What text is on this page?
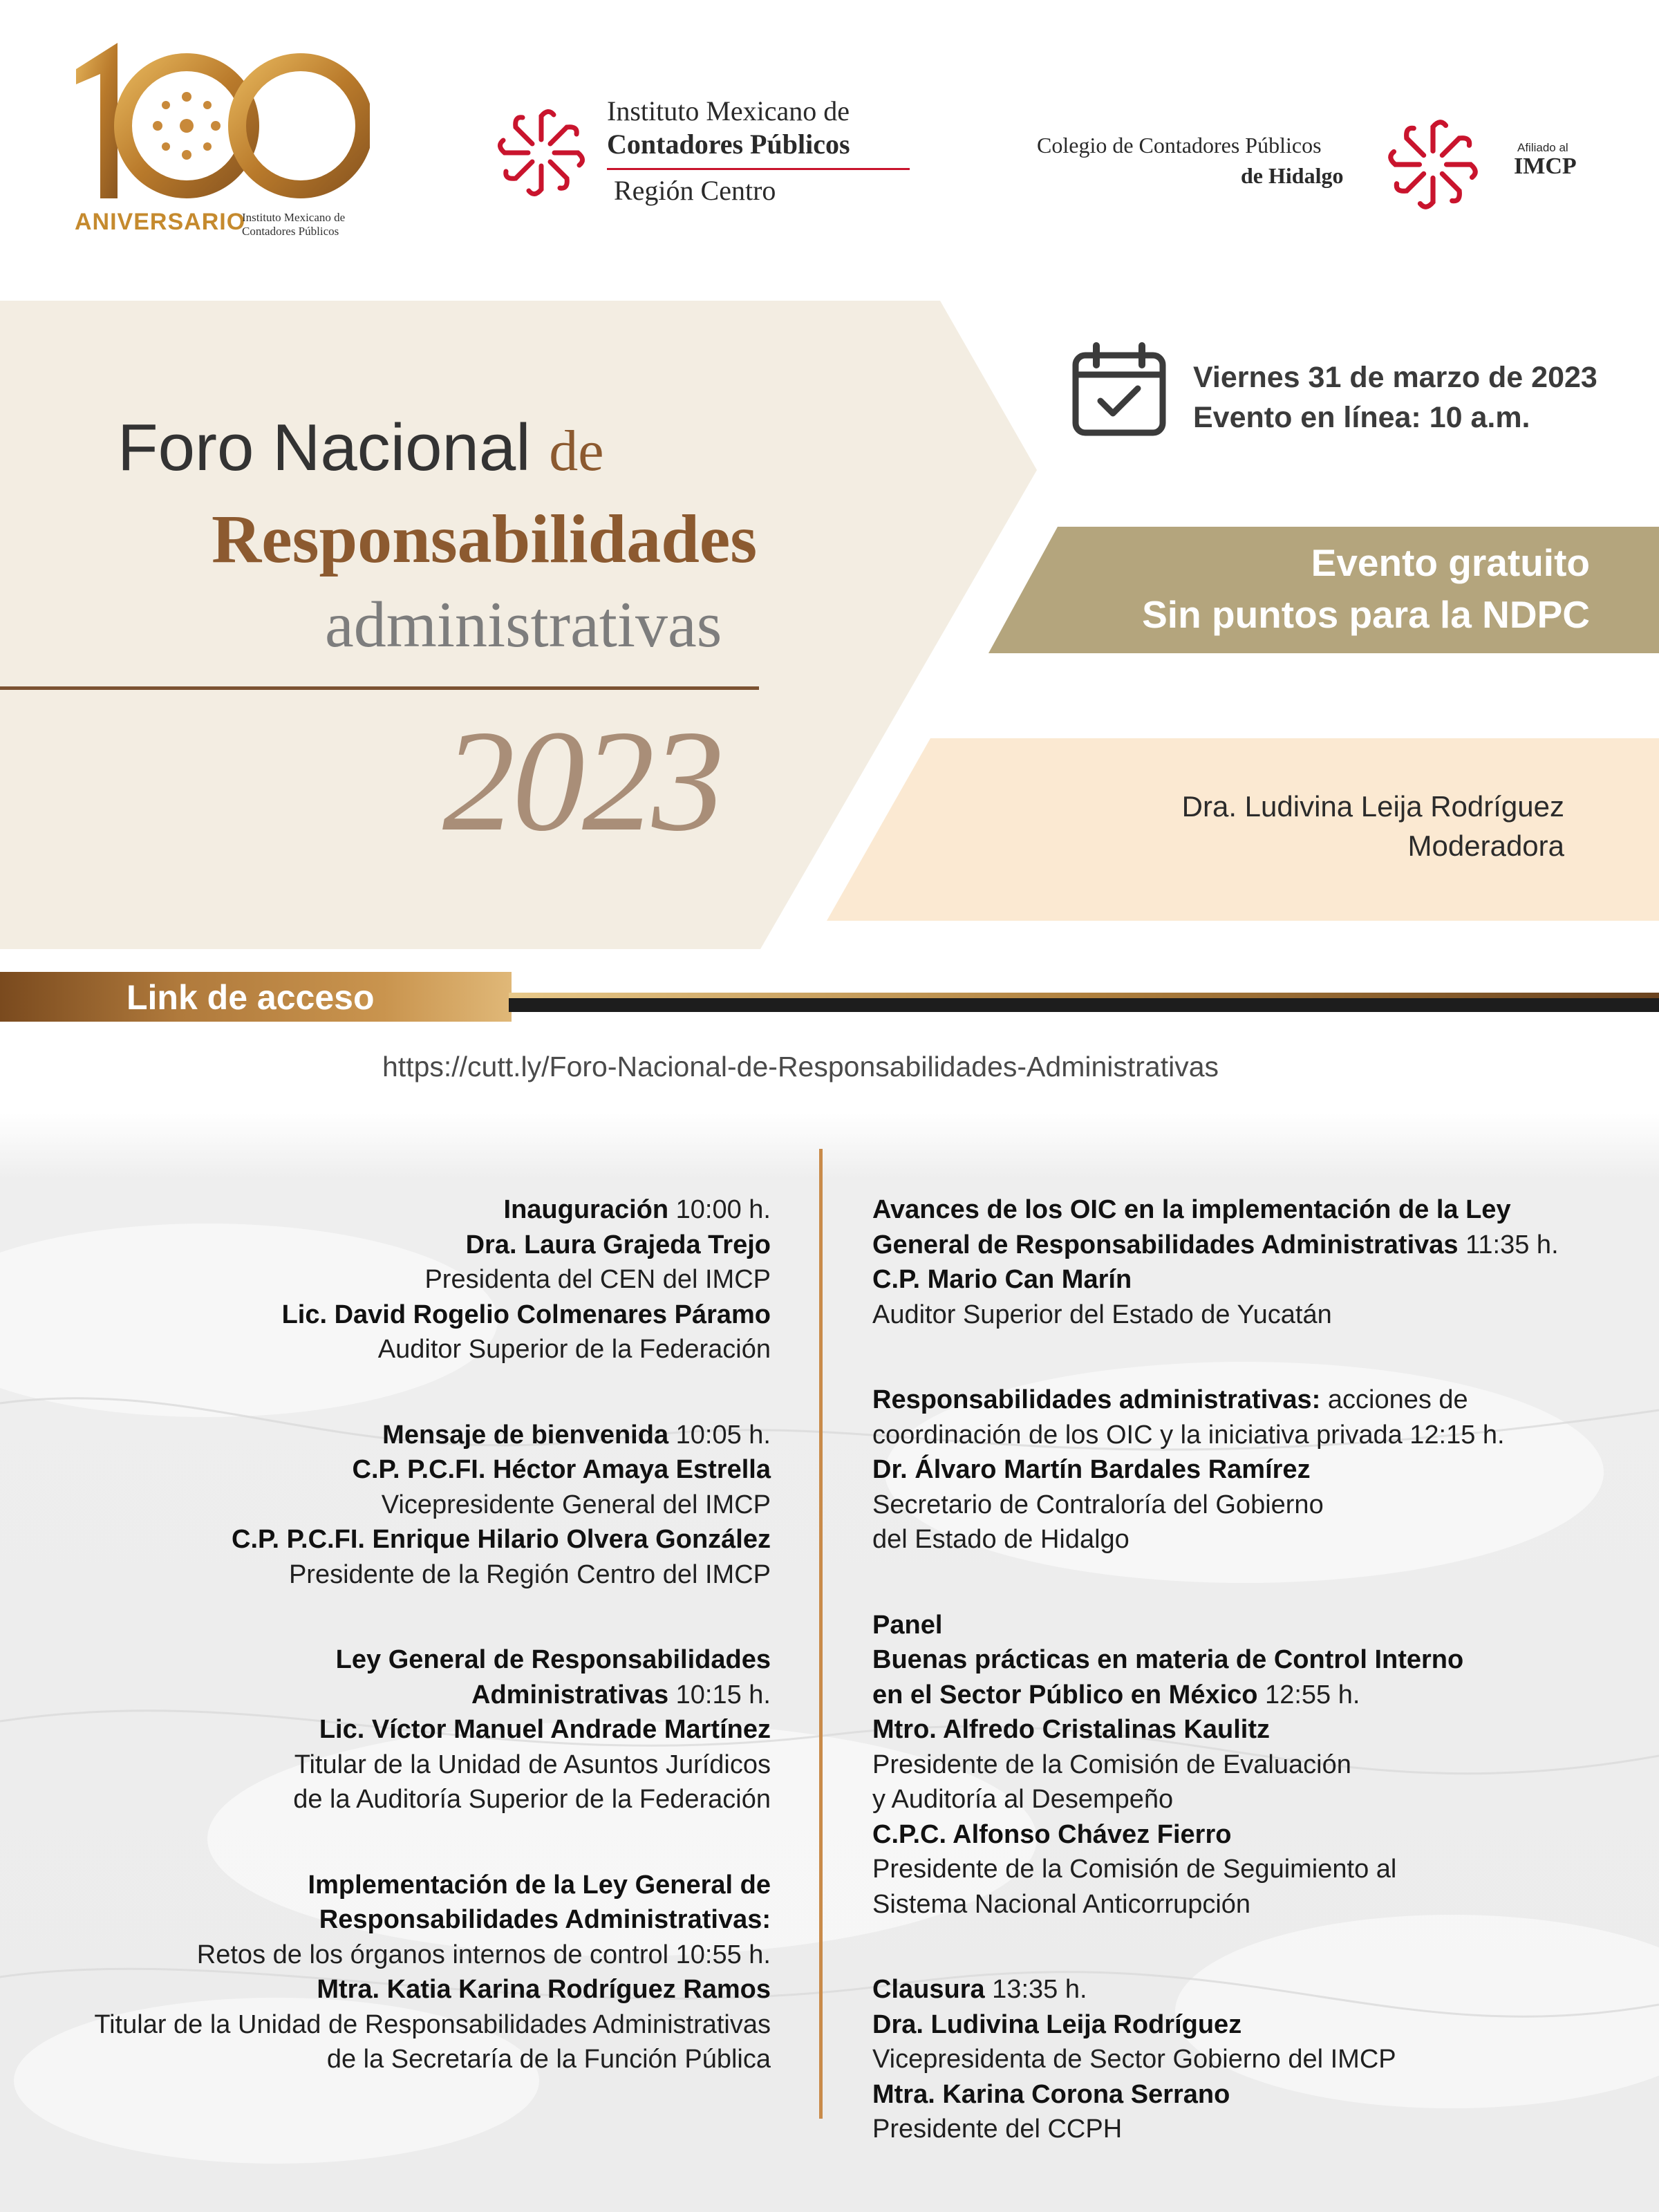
ANIVERSARIO
Instituto Mexicano de
Contadores Públicos
Instituto Mexicano de
Contadores Públicos
Región Centro
Colegio de Contadores Públicos
de Hidalgo
Afiliado al
IMCP
Foro Nacional de
Responsabilidades
administrativas
2023
Viernes 31 de marzo de 2023
Evento en línea: 10 a.m.
Evento gratuito
Sin puntos para la NDPC
Dra. Ludivina Leija Rodríguez
Moderadora
Link de acceso
https://cutt.ly/Foro-Nacional-de-Responsabilidades-Administrativas

Inauguración 10:00 h.

Dra. Laura Grajeda Trejo

Presidenta del CEN del IMCP

Lic. David Rogelio Colmenares Páramo

Auditor Superior de la Federación

Mensaje de bienvenida 10:05 h.

C.P. P.C.FI. Héctor Amaya Estrella

Vicepresidente General del IMCP

C.P. P.C.FI. Enrique Hilario Olvera González

Presidente de la Región Centro del IMCP

Ley General de Responsabilidades

Administrativas 10:15 h.

Lic. Víctor Manuel Andrade Martínez

Titular de la Unidad de Asuntos Jurídicos

de la Auditoría Superior de la Federación

Implementación de la Ley General de

Responsabilidades Administrativas:

Retos de los órganos internos de control 10:55 h.

Mtra. Katia Karina Rodríguez Ramos

Titular de la Unidad de Responsabilidades Administrativas

de la Secretaría de la Función Pública

Avances de los OIC en la implementación de la Ley

General de Responsabilidades Administrativas 11:35 h.

C.P. Mario Can Marín

Auditor Superior del Estado de Yucatán

Responsabilidades administrativas: acciones de

coordinación de los OIC y la iniciativa privada 12:15 h.

Dr. Álvaro Martín Bardales Ramírez

Secretario de Contraloría del Gobierno

del Estado de Hidalgo

Panel

Buenas prácticas en materia de Control Interno

en el Sector Público en México 12:55 h.

Mtro. Alfredo Cristalinas Kaulitz

Presidente de la Comisión de Evaluación

y Auditoría al Desempeño

C.P.C. Alfonso Chávez Fierro

Presidente de la Comisión de Seguimiento al

Sistema Nacional Anticorrupción

Clausura 13:35 h.

Dra. Ludivina Leija Rodríguez

Vicepresidenta de Sector Gobierno del IMCP

Mtra. Karina Corona Serrano

Presidente del CCPH
